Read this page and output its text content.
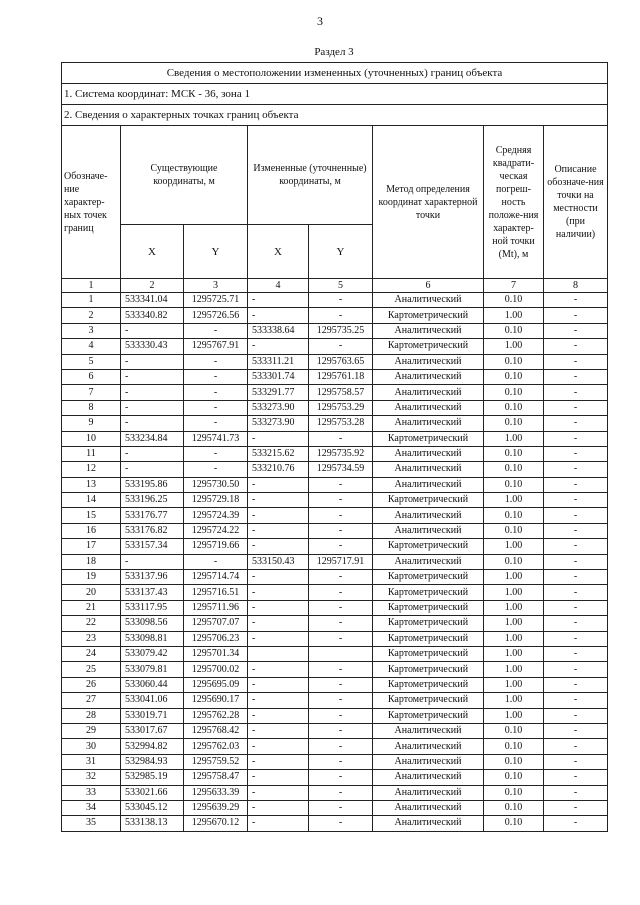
3
Раздел 3
Сведения о местоположении измененных (уточненных) границ объекта							
1. Система координат: МСК - 36, зона 1							
2. Сведения о характерных точках границ объекта							
Обозначе-ние характер-ных точек границ	Существующие координаты, м		Измененные (уточненные) координаты, м		Метод определения координат характерной точки	Средняя квадрати-ческая погреш-ность положе-ния характер-ной точки (Mt), м	Описание обозначе-ния точки на местности (при наличии)
	X	Y	X	Y			
1	2	3	4	5	6	7	8
1	533341.04	1295725.71	-	-	Аналитический	0.10	-
2	533340.82	1295726.56	-	-	Картометрический	1.00	-
3	-	-	533338.64	1295735.25	Аналитический	0.10	-
4	533330.43	1295767.91	-	-	Картометрический	1.00	-
5	-	-	533311.21	1295763.65	Аналитический	0.10	-
6	-	-	533301.74	1295761.18	Аналитический	0.10	-
7	-	-	533291.77	1295758.57	Аналитический	0.10	-
8	-	-	533273.90	1295753.29	Аналитический	0.10	-
9	-	-	533273.90	1295753.28	Аналитический	0.10	-
10	533234.84	1295741.73	-	-	Картометрический	1.00	-
11	-	-	533215.62	1295735.92	Аналитический	0.10	-
12	-	-	533210.76	1295734.59	Аналитический	0.10	-
13	533195.86	1295730.50	-	-	Аналитический	0.10	-
14	533196.25	1295729.18	-	-	Картометрический	1.00	-
15	533176.77	1295724.39	-	-	Аналитический	0.10	-
16	533176.82	1295724.22	-	-	Аналитический	0.10	-
17	533157.34	1295719.66	-	-	Картометрический	1.00	-
18	-	-	533150.43	1295717.91	Аналитический	0.10	-
19	533137.96	1295714.74	-	-	Картометрический	1.00	-
20	533137.43	1295716.51	-	-	Картометрический	1.00	-
21	533117.95	1295711.96	-	-	Картометрический	1.00	-
22	533098.56	1295707.07	-	-	Картометрический	1.00	-
23	533098.81	1295706.23	-	-	Картометрический	1.00	-
24	533079.42	1295701.34			Картометрический	1.00	-
25	533079.81	1295700.02	-	-	Картометрический	1.00	-
26	533060.44	1295695.09	-	-	Картометрический	1.00	-
27	533041.06	1295690.17	-	-	Картометрический	1.00	-
28	533019.71	1295762.28	-	-	Картометрический	1.00	-
29	533017.67	1295768.42	-	-	Аналитический	0.10	-
30	532994.82	1295762.03	-	-	Аналитический	0.10	-
31	532984.93	1295759.52	-	-	Аналитический	0.10	-
32	532985.19	1295758.47	-	-	Аналитический	0.10	-
33	533021.66	1295633.39	-	-	Аналитический	0.10	-
34	533045.12	1295639.29	-	-	Аналитический	0.10	-
35	533138.13	1295670.12	-	-	Аналитический	0.10	-
